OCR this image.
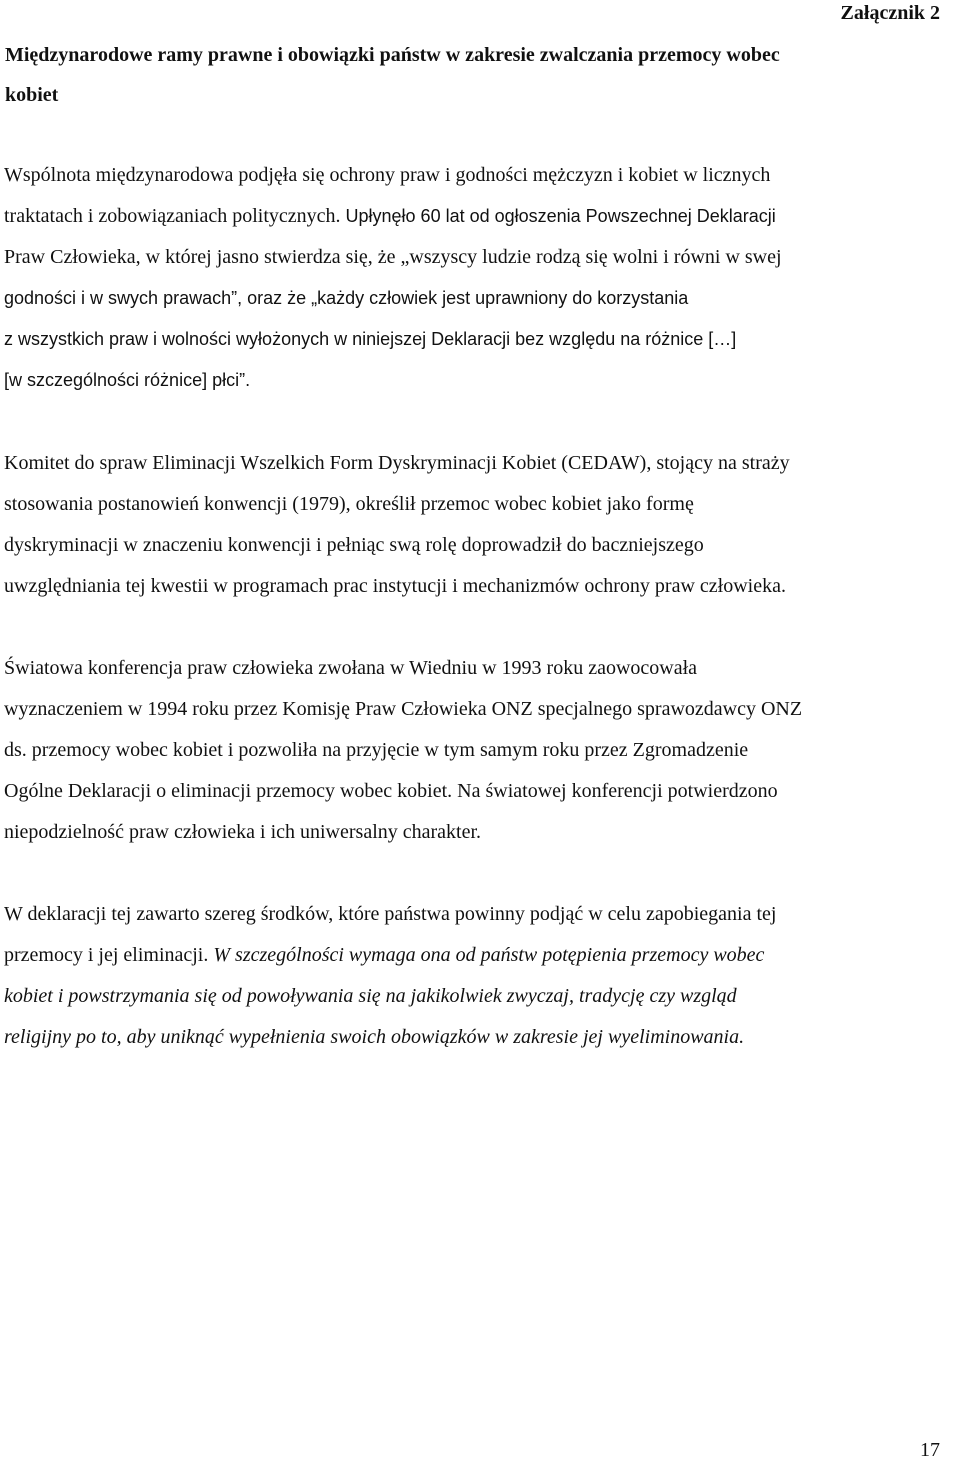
Załącznik 2
Międzynarodowe ramy prawne i obowiązki państw w zakresie zwalczania przemocy wobec
kobiet

Wspólnota międzynarodowa podjęła się ochrony praw i godności mężczyzn i kobiet w licznych
traktatach i zobowiązaniach politycznych. Upłynęło 60 lat od ogłoszenia Powszechnej Deklaracji
Praw Człowieka, w której jasno stwierdza się, że „wszyscy ludzie rodzą się wolni i równi w swej
godności i w swych prawach”, oraz że „każdy człowiek jest uprawniony do korzystania
z wszystkich praw i wolności wyłożonych w niniejszej Deklaracji bez względu na różnice […]
[w szczególności różnice] płci”.

Komitet do spraw Eliminacji Wszelkich Form Dyskryminacji Kobiet (CEDAW), stojący na straży
stosowania postanowień konwencji (1979), określił przemoc wobec kobiet jako formę
dyskryminacji w znaczeniu konwencji i pełniąc swą rolę doprowadził do baczniejszego
uwzględniania tej kwestii w programach prac instytucji i mechanizmów ochrony praw człowieka.

Światowa konferencja praw człowieka zwołana w Wiedniu w 1993 roku zaowocowała
wyznaczeniem w 1994 roku przez Komisję Praw Człowieka ONZ specjalnego sprawozdawcy ONZ
ds. przemocy wobec kobiet i pozwoliła na przyjęcie w tym samym roku przez Zgromadzenie
Ogólne Deklaracji o eliminacji przemocy wobec kobiet. Na światowej konferencji potwierdzono
niepodzielność praw człowieka i ich uniwersalny charakter.

W deklaracji tej zawarto szereg środków, które państwa powinny podjąć w celu zapobiegania tej
przemocy i jej eliminacji. W szczególności wymaga ona od państw potępienia przemocy wobec
kobiet i powstrzymania się od powoływania się na jakikolwiek zwyczaj, tradycję czy wzgląd
religijny po to, aby uniknąć wypełnienia swoich obowiązków w zakresie jej wyeliminowania.

17
